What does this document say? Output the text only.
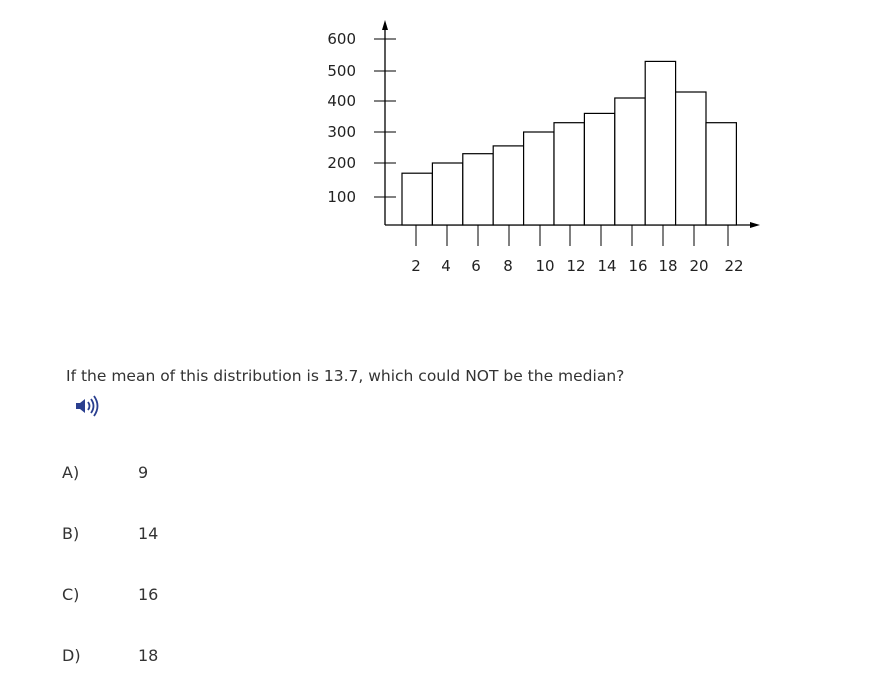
2 4 6 8 10 12 14 16 18 20 22
100
200
300
400
500
600
If the mean of this distribution is 13.7, which could NOT be the median?
A)	9
B)	14
C)	16
D)	18
